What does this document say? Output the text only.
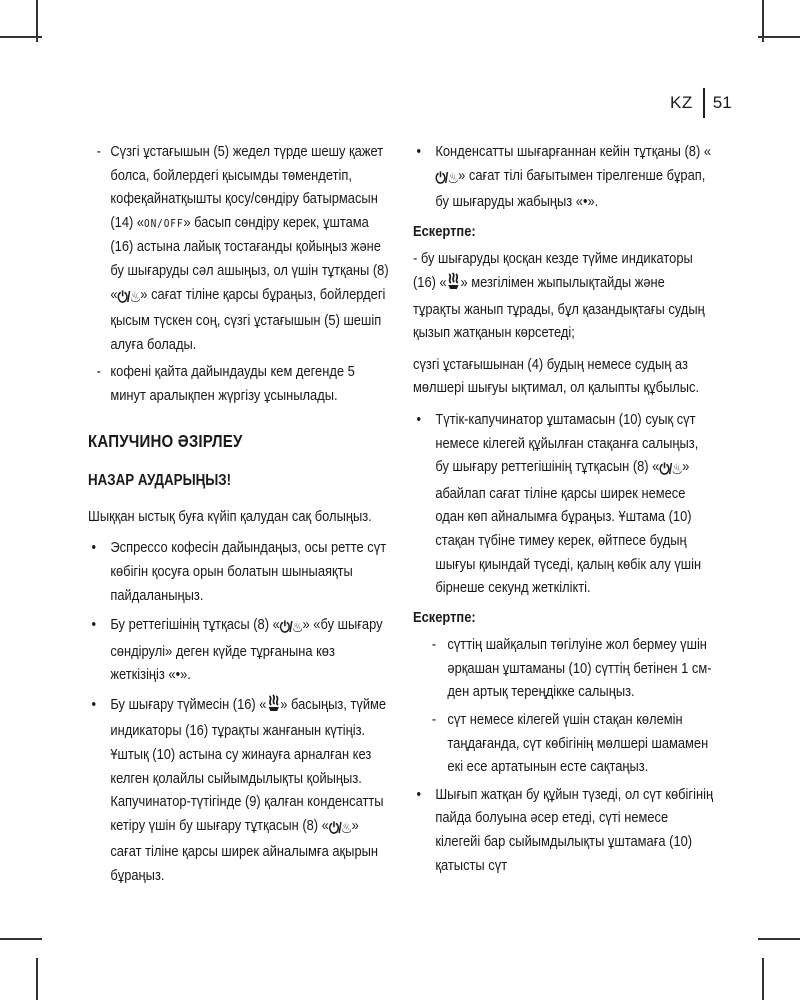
KZ 51
- Сүзгі ұстағышын (5) жедел түрде шешу қажет болса, бойлердегі қысымды төмендетіп, кофеқайнатқышты қосу/сөндіру батырмасын (14) «ON/OFF» басып сөндіру керек, ұштама (16) астына лайық тостағанды қойыңыз және бу шығаруды сәл ашыңыз, ол үшін тұтқаны (8) «⏻/♨» сағат тіліне қарсы бұраңыз, бойлердегі қысым түскен соң, сүзгі ұстағышын (5) шешіп алуға болады.
- кофені қайта дайындауды кем дегенде 5 минут аралықпен жүргізу ұсынылады.
КАПУЧИНО ӘЗІРЛЕУ
НАЗАР АУДАРЫҢЫЗ!

Шыққан ыстық буға күйіп қалудан сақ болыңыз.

• Эспрессо кофесін дайындаңыз, осы ретте сүт көбігін қосуға орын болатын шыныаяқты пайдаланыңыз.
• Бу реттегішінің тұтқасы (8) «⏻/♨» «бу шығару сөндірулі» деген күйде тұрғанына көз жеткізіңіз «•».
• Бу шығару түймесін (16) « » басыңыз, түйме индикаторы (16) тұрақты жанғанын күтіңіз. Ұштық (10) астына су жинауға арналған кез келген қолайлы сыйымдылықты қойыңыз. Капучинатор-түтігінде (9) қалған конденсатты кетіру үшін бу шығару тұтқасын (8) «⏻/♨» сағат тіліне қарсы ширек айналымға ақырын бұраңыз.
• Конденсатты шығарғаннан кейін тұтқаны (8) «⏻/♨» сағат тілі бағытымен тірелгенше бұрап, бу шығаруды жабыңыз «•».
Ескертпе:

- бу шығаруды қосқан кезде түйме индикаторы (16) « » мезгілімен жыпылықтайды және тұрақты жанып тұрады, бұл қазандықтағы судың қызып жатқанын көрсетеді;

сүзгі ұстағышынан (4) будың немесе судың аз мөлшері шығуы ықтимал, ол қалыпты құбылыс.

• Түтік-капучинатор ұштамасын (10) суық сүт немесе кілегей құйылған стақанға салыңыз, бу шығару реттегішінің тұтқасын (8) «⏻/♨» абайлап сағат тіліне қарсы ширек немесе одан көп айналымға бұраңыз. Ұштама (10) стақан түбіне тимеу керек, өйтпесе будың шығуы қиындай түседі, қалың көбік алу үшін бірнеше секунд жеткілікті.
Ескертпе:
- сүттің шайқалып төгілуіне жол бермеу үшін әрқашан ұштаманы (10) сүттің бетінен 1 см-ден артық тереңдікке салыңыз.
- сүт немесе кілегей үшін стақан көлемін таңдағанда, сүт көбігінің мөлшері шамамен екі есе артатынын есте сақтаңыз.
• Шығып жатқан бу құйын түзеді, ол сүт көбігінің пайда болуына әсер етеді, сүті немесе кілегейі бар сыйымдылықты ұштамаға (10) қатысты сүт
